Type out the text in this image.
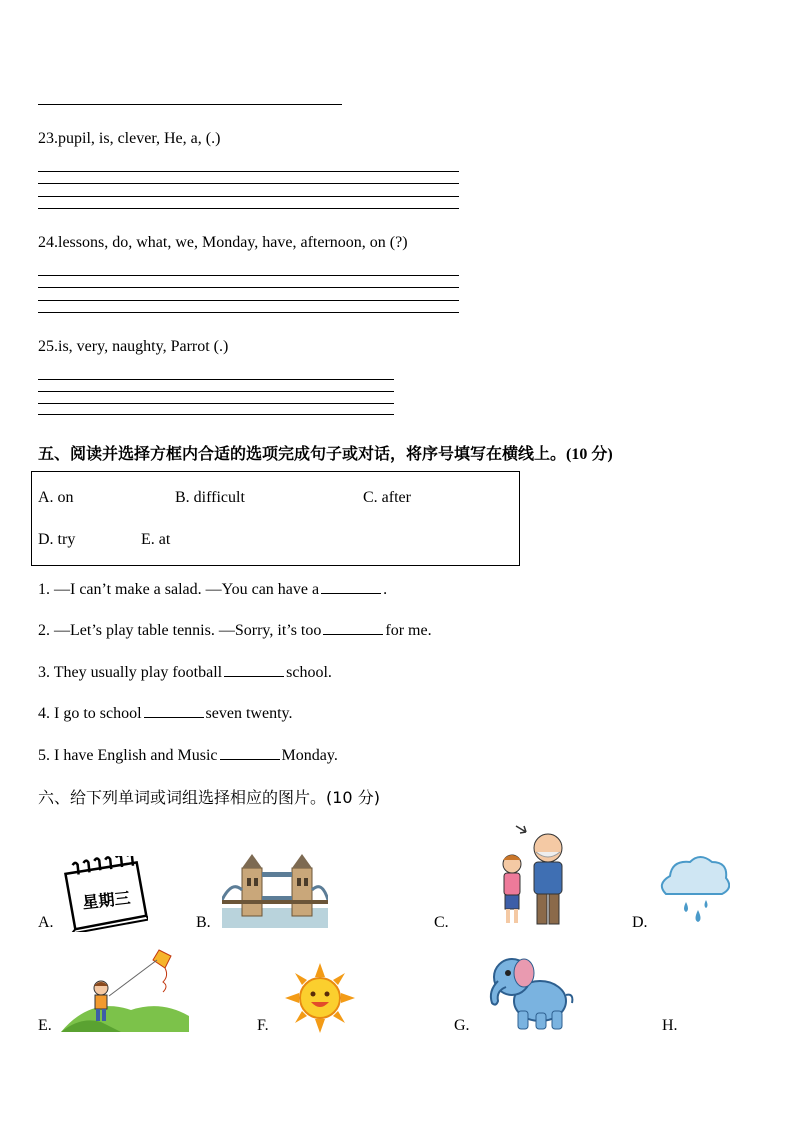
23.pupil, is, clever, He, a, (.)
24.lessons, do, what, we, Monday, have, afternoon, on (?)
25.is, very, naughty, Parrot (.)
五、阅读并选择方框内合适的选项完成句子或对话，将序号填写在横线上。(10 分)
A. on	B. difficult	C. after
D. try	E. at
1. —I can’t make a salad. —You can have a	.
2. —Let’s play table tennis. —Sorry, it’s too	for me.
3. They usually play football	school.
4. I go to school	seven twenty.
5. I have English and Music	Monday.
六、给下列单词或词组选择相应的图片。(10 分)
A.	B.	C.	D.
E.	F.	G.	H.
星期三
